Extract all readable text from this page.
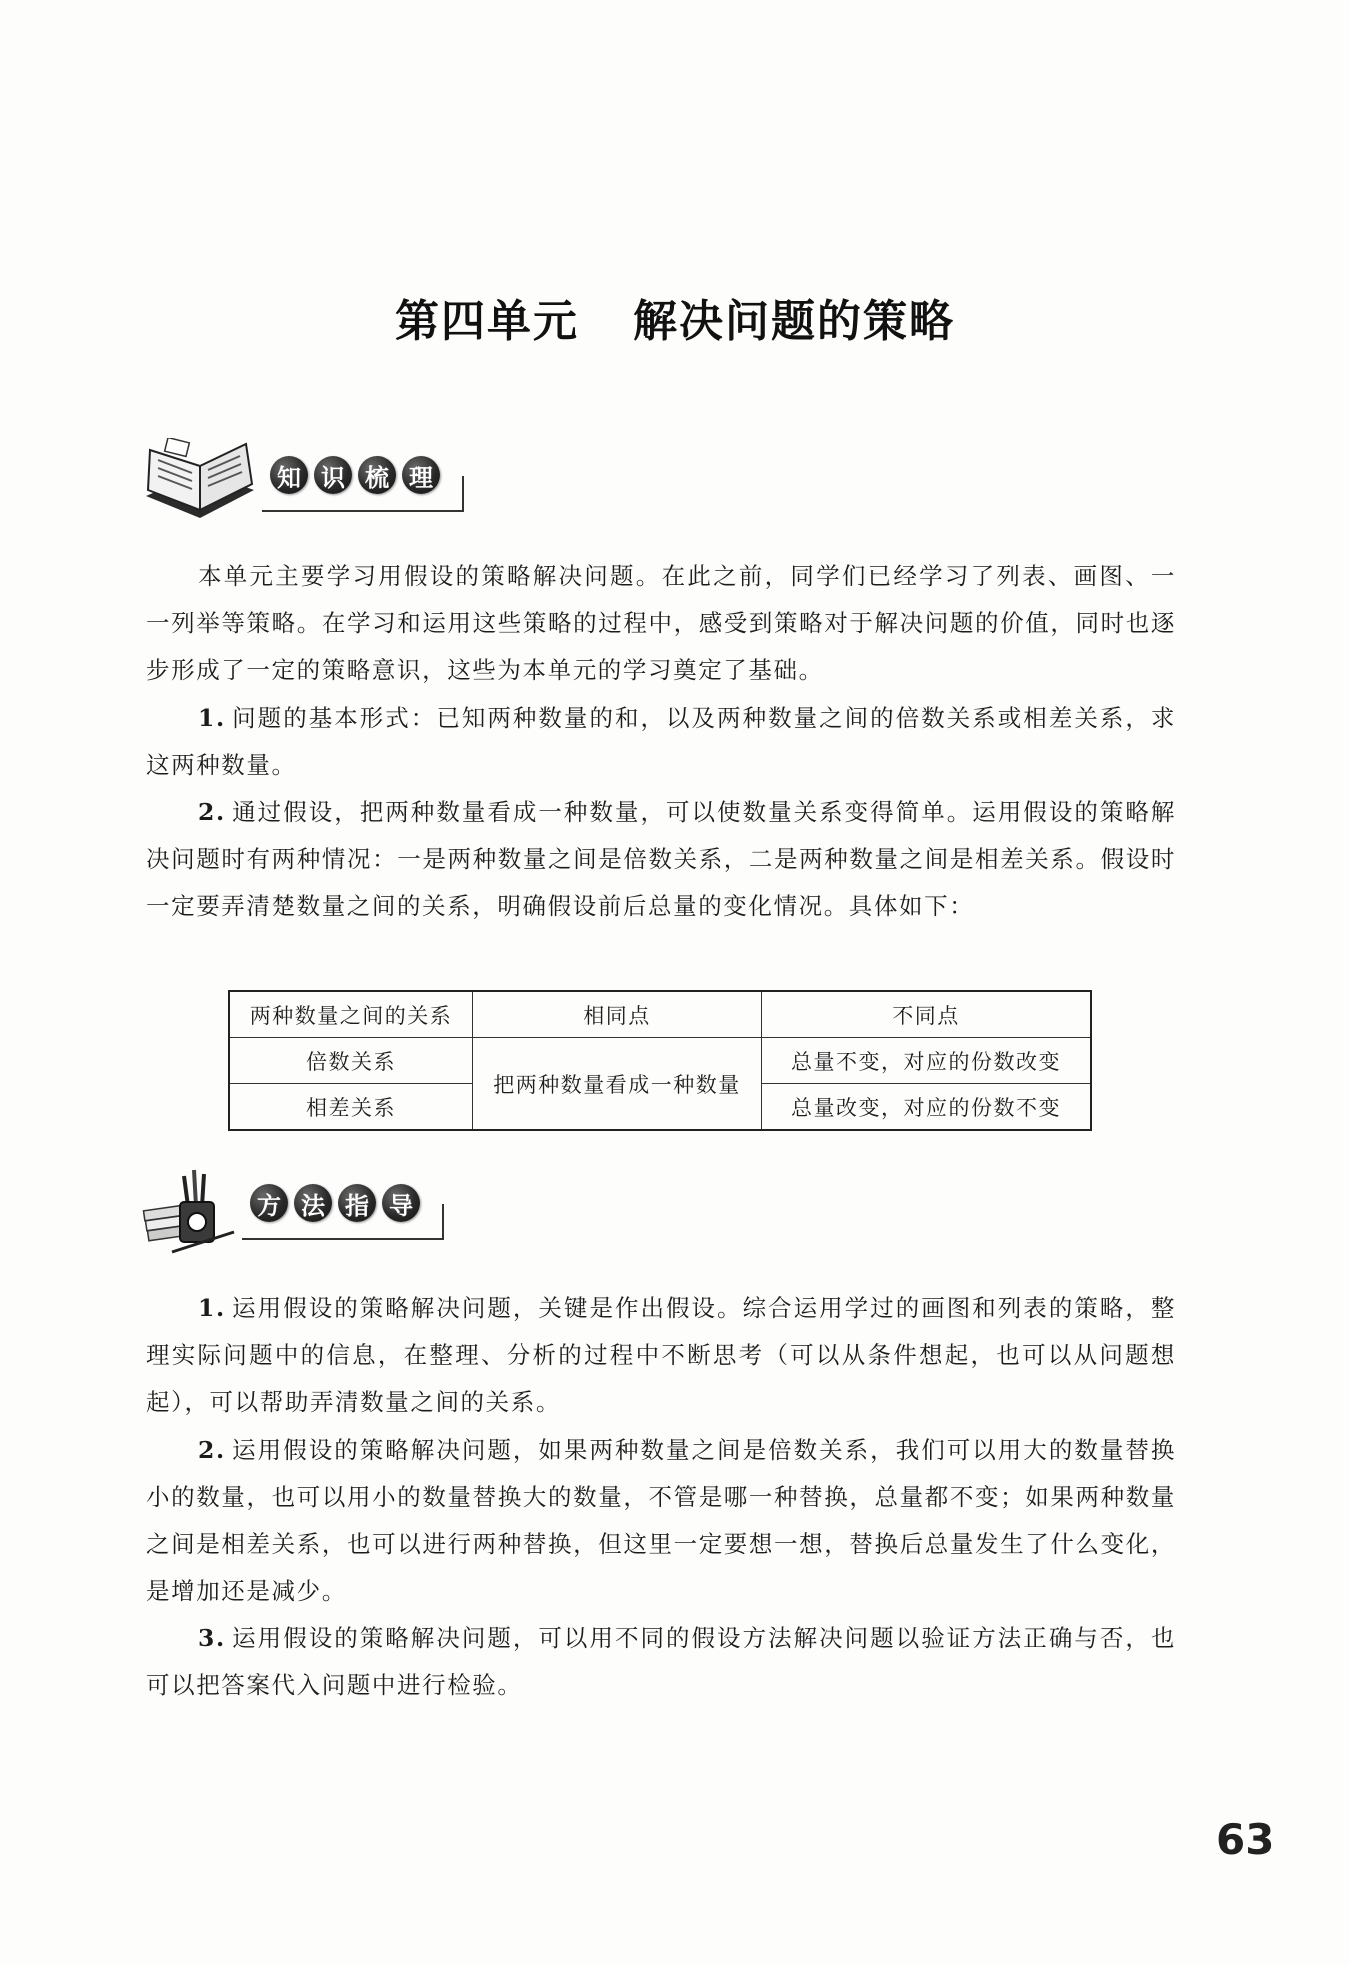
第四单元 解决问题的策略
知 识 梳 理

本单元主要学习用假设的策略解决问题。在此之前，同学们已经学习了列表、画图、一一列举等策略。在学习和运用这些策略的过程中，感受到策略对于解决问题的价值，同时也逐步形成了一定的策略意识，这些为本单元的学习奠定了基础。

1. 问题的基本形式：已知两种数量的和，以及两种数量之间的倍数关系或相差关系，求这两种数量。

2. 通过假设，把两种数量看成一种数量，可以使数量关系变得简单。运用假设的策略解决问题时有两种情况：一是两种数量之间是倍数关系，二是两种数量之间是相差关系。假设时一定要弄清楚数量之间的关系，明确假设前后总量的变化情况。具体如下：

两种数量之间的关系	相同点	不同点
倍数关系	把两种数量看成一种数量	总量不变，对应的份数改变
相差关系		总量改变，对应的份数不变
方 法 指 导

1. 运用假设的策略解决问题，关键是作出假设。综合运用学过的画图和列表的策略，整理实际问题中的信息，在整理、分析的过程中不断思考（可以从条件想起，也可以从问题想起），可以帮助弄清数量之间的关系。

2. 运用假设的策略解决问题，如果两种数量之间是倍数关系，我们可以用大的数量替换小的数量，也可以用小的数量替换大的数量，不管是哪一种替换，总量都不变；如果两种数量之间是相差关系，也可以进行两种替换，但这里一定要想一想，替换后总量发生了什么变化，是增加还是减少。

3. 运用假设的策略解决问题，可以用不同的假设方法解决问题以验证方法正确与否，也可以把答案代入问题中进行检验。

63
